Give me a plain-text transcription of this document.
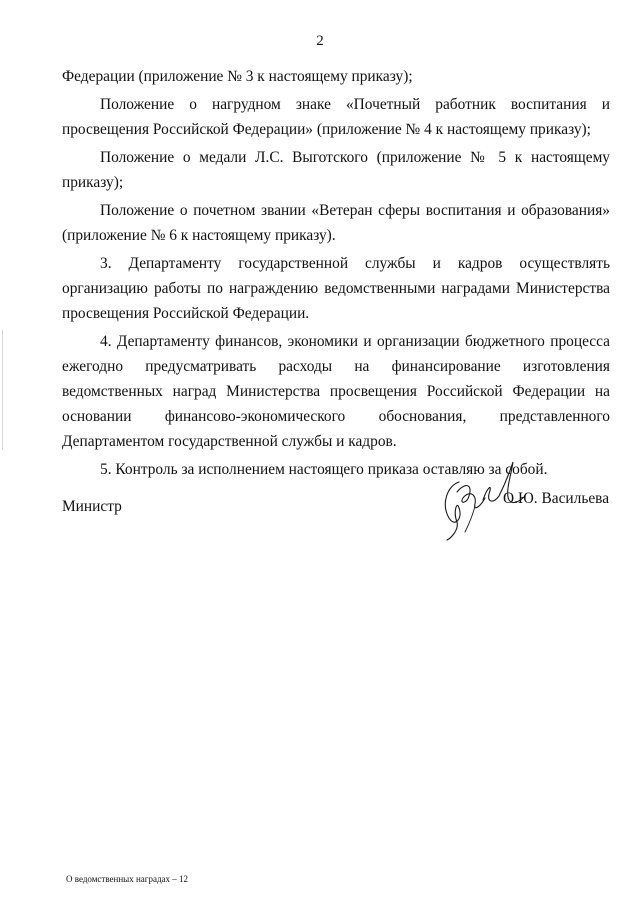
2

Федерации (приложение № 3 к настоящему приказу);

Положение о нагрудном знаке «Почетный работник воспитания и просвещения Российской Федерации» (приложение № 4 к настоящему приказу);

Положение о медали Л.С. Выготского (приложение № 5 к настоящему приказу);

Положение о почетном звании «Ветеран сферы воспитания и образования» (приложение № 6 к настоящему приказу).

3. Департаменту государственной службы и кадров осуществлять организацию работы по награждению ведомственными наградами Министерства просвещения Российской Федерации.

4. Департаменту финансов, экономики и организации бюджетного процесса ежегодно предусматривать расходы на финансирование изготовления ведомственных наград Министерства просвещения Российской Федерации на основании финансово-экономического обоснования, представленного Департаментом государственной службы и кадров.

5. Контроль за исполнением настоящего приказа оставляю за собой.

Министр	О.Ю. Васильева
О ведомственных наградах – 12
